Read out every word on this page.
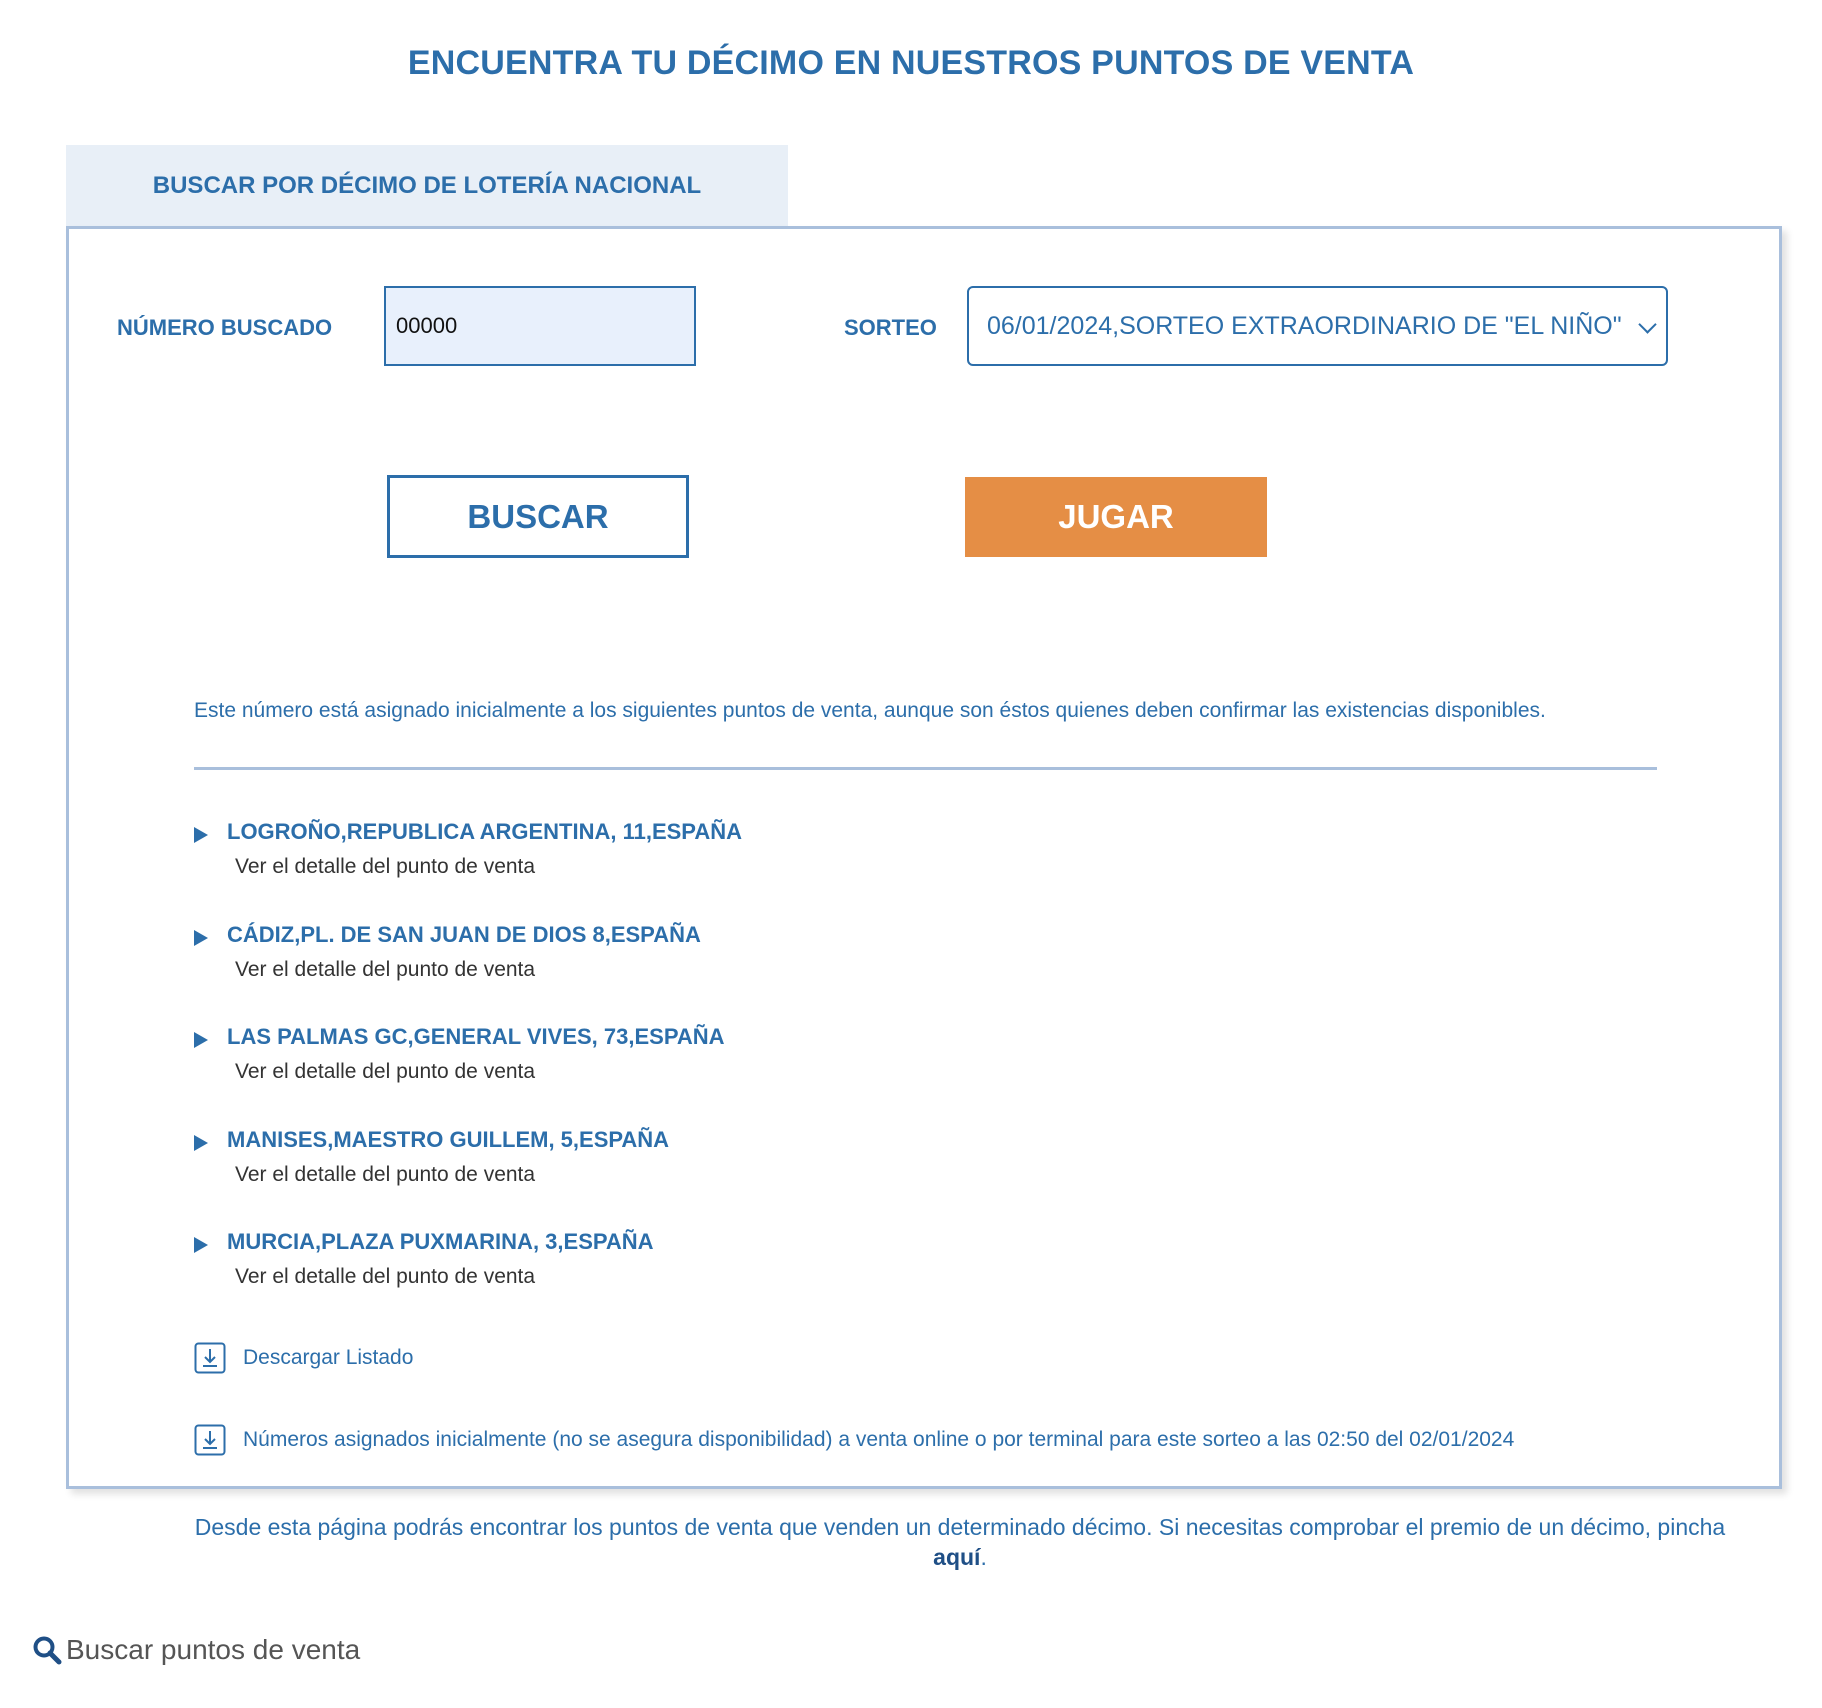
ENCUENTRA TU DÉCIMO EN NUESTROS PUNTOS DE VENTA
BUSCAR POR DÉCIMO DE LOTERÍA NACIONAL
NÚMERO BUSCADO
00000	SORTEO 06/01/2024,SORTEO EXTRAORDINARIO DE "EL NIÑO"
BUSCAR	JUGAR

Este número está asignado inicialmente a los siguientes puntos de venta, aunque son éstos quienes deben confirmar las existencias disponibles.

LOGROÑO,REPUBLICA ARGENTINA, 11,ESPAÑA
Ver el detalle del punto de venta
CÁDIZ,PL. DE SAN JUAN DE DIOS 8,ESPAÑA
Ver el detalle del punto de venta
LAS PALMAS GC,GENERAL VIVES, 73,ESPAÑA
Ver el detalle del punto de venta
MANISES,MAESTRO GUILLEM, 5,ESPAÑA
Ver el detalle del punto de venta
MURCIA,PLAZA PUXMARINA, 3,ESPAÑA
Ver el detalle del punto de venta
Descargar Listado
Números asignados inicialmente (no se asegura disponibilidad) a venta online o por terminal para este sorteo a las 02:50 del 02/01/2024

Desde esta página podrás encontrar los puntos de venta que venden un determinado décimo. Si necesitas comprobar el premio de un décimo, pincha aquí.

Buscar puntos de venta
